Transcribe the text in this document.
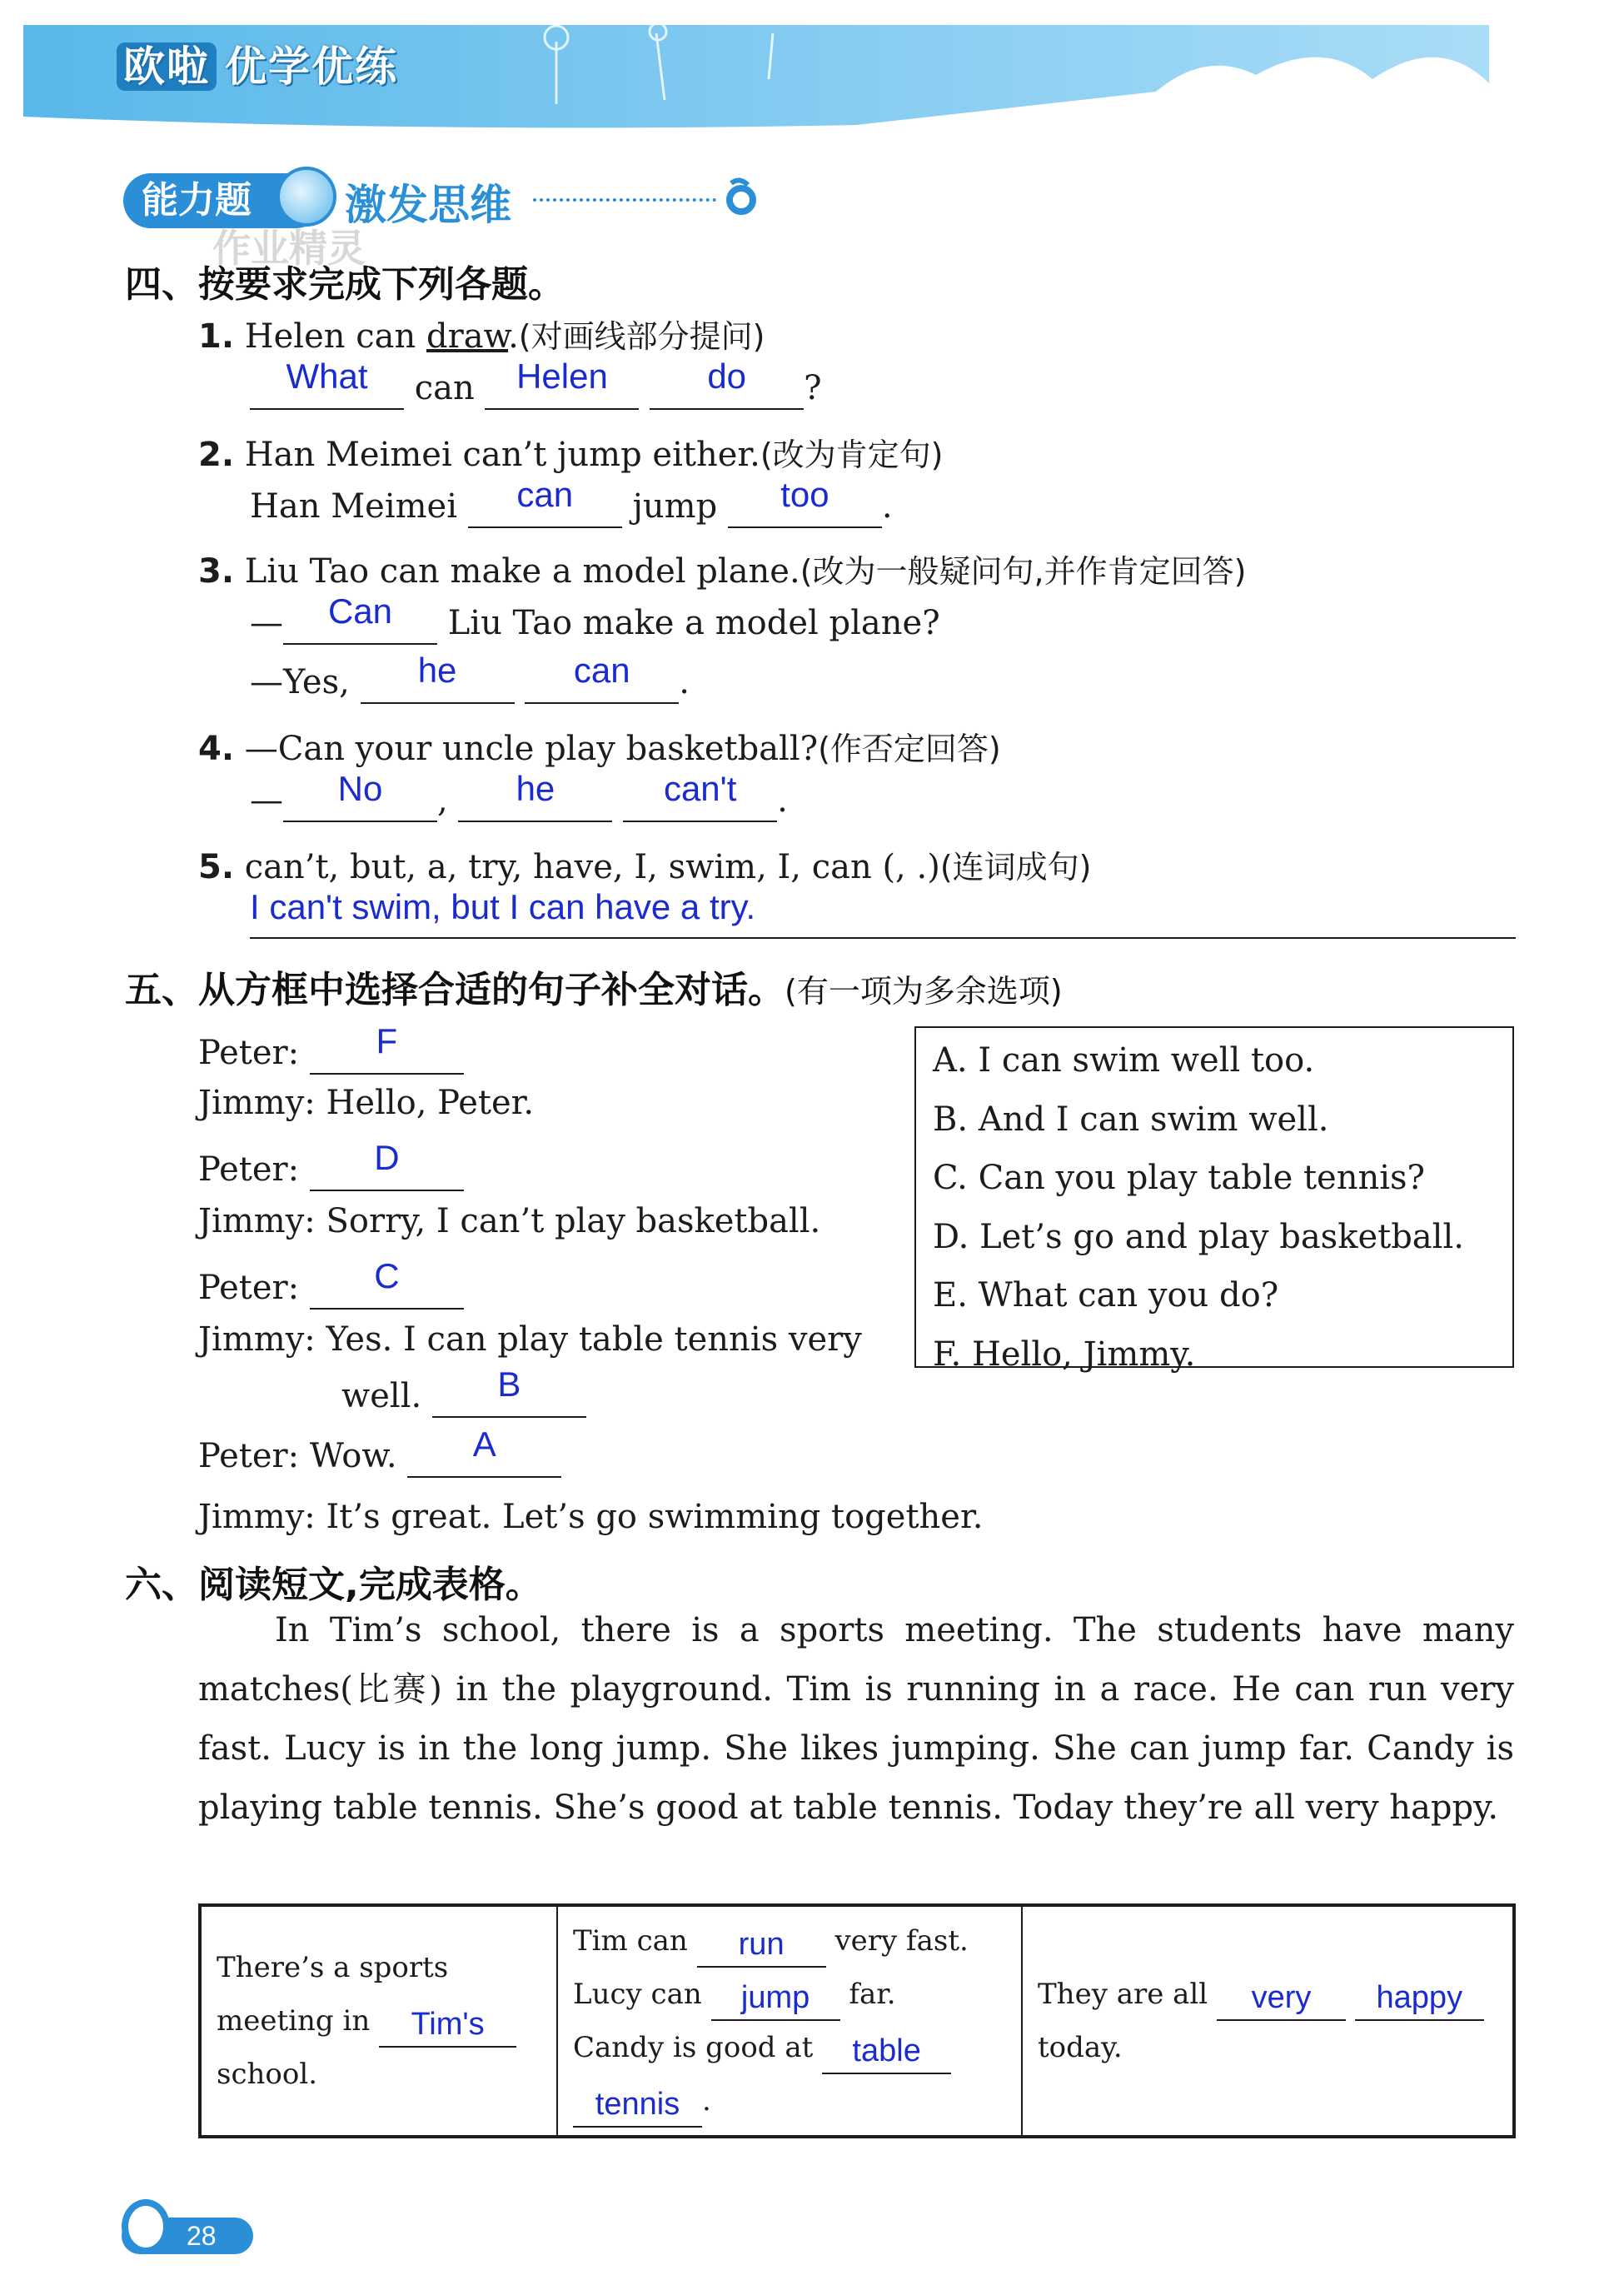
欧啦 优学优练
能力题	激发思维
四、按要求完成下列各题。
1. Helen can draw.(对画线部分提问)
What	can	Helen
	do	?
2. Han Meimei can’t jump either.(改为肯定句)
Han Meimei	can	jump	too	.
3. Liu Tao can make a model plane.(改为一般疑问句,并作肯定回答)
—	Can	Liu Tao make a model plane?
—Yes,	he
	can	.
4. —Can your uncle play basketball?(作否定回答)
—	No	,	he
	can't	.
5. can’t, but, a, try, have, I, swim, I, can (, .)(连词成句)
I can't swim, but I can have a try.
五、从方框中选择合适的句子补全对话。(有一项为多余选项)
Peter:	F
Jimmy: Hello, Peter.
Peter:	D
Jimmy: Sorry, I can’t play basketball.
Peter:	C
Jimmy: Yes. I can play table tennis very
well.	B
Peter: Wow.	A
Jimmy: It’s great. Let’s go swimming together.
A. I can swim well too.
B. And I can swim well.
C. Can you play table tennis?
D. Let’s go and play basketball.
E. What can you do?
F. Hello, Jimmy.
六、阅读短文,完成表格。
In Tim’s school, there is a sports meeting. The students have many matches(比赛) in the playground. Tim is running in a race. He can run very fast. Lucy is in the long jump. She likes jumping. She can jump far. Candy is playing table tennis. She’s good at table tennis. Today they’re all very happy.
There’s a sports
meeting in	Tim's
school.

Tim can	run	very fast.
Lucy can	jump	far.
Candy is good at	table
tennis .

They are all	very
	happy
today.
28
作业精灵
